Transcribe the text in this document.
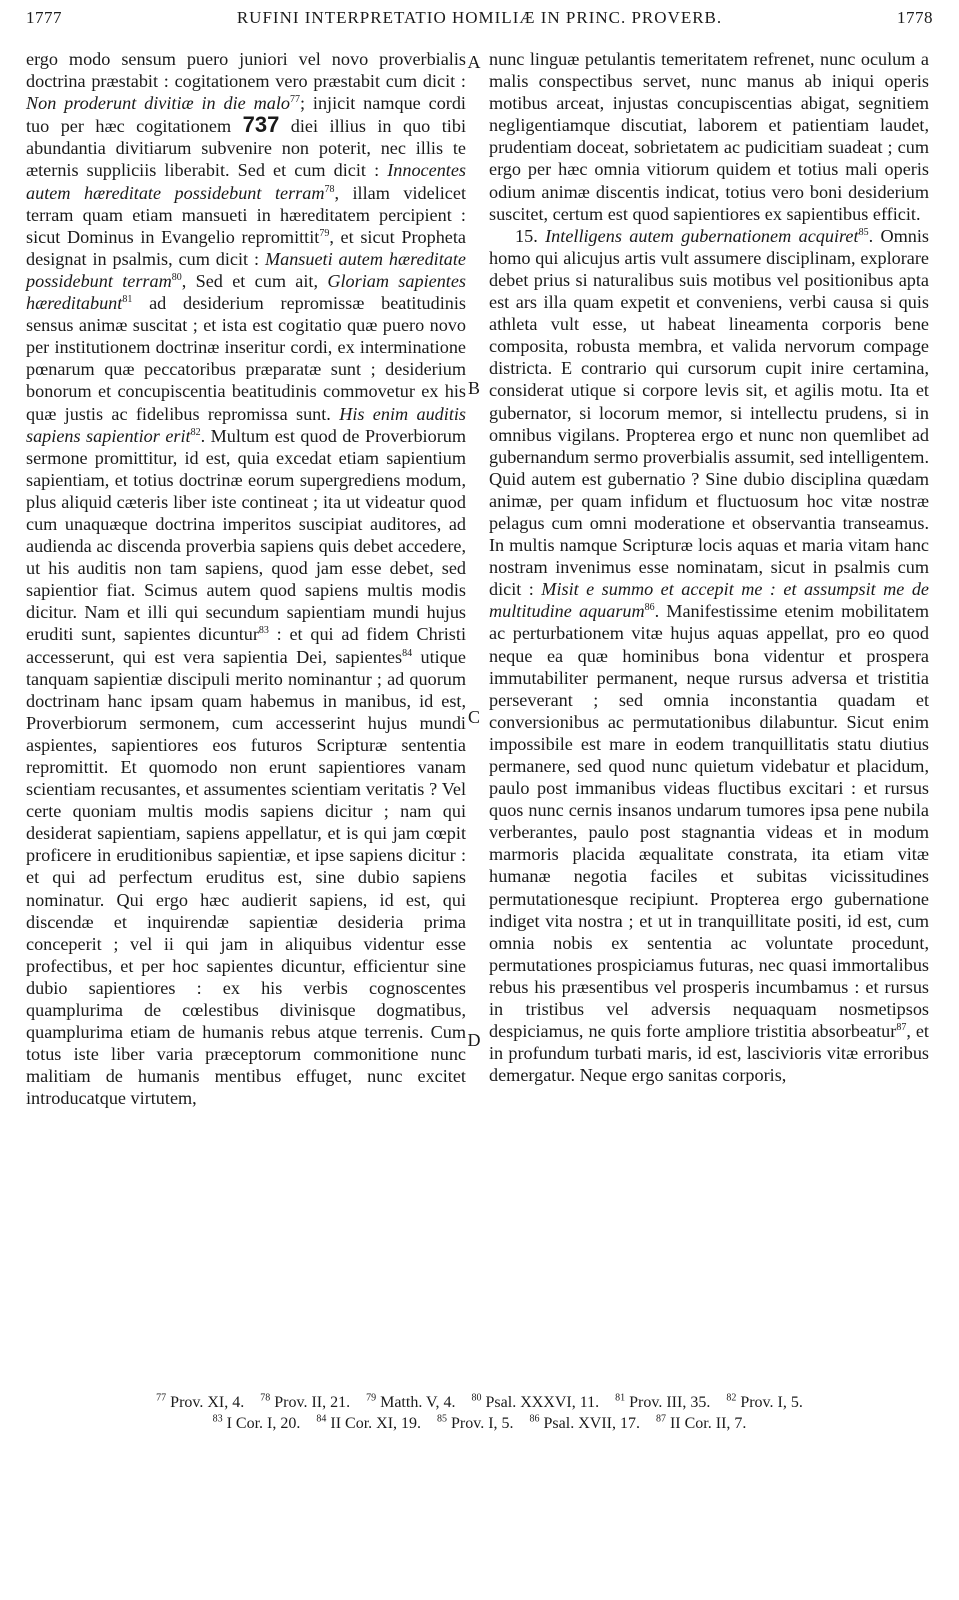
1777	RUFINI INTERPRETATIO HOMILIÆ IN PRINC. PROVERB.	1778

ergo modo sensum puero juniori vel novo proverbialis doctrina præstabit : cogitationem vero præstabit cum dicit : Non proderunt divitiæ in die malo$^{77}$; injicit namque cordi tuo per hæc cogitationem 737 diei illius in quo tibi abundantia divitiarum subvenire non poterit, nec illis te æternis suppliciis liberabit. Sed et cum dicit : Innocentes autem hæreditate possidebunt terram$^{78}$, illam videlicet terram quam etiam mansueti in hæreditatem percipient : sicut Dominus in Evangelio repromittit$^{79}$, et sicut Propheta designat in psalmis, cum dicit : Mansueti autem hæreditate possidebunt terram$^{80}$, Sed et cum ait, Gloriam sapientes hæreditabunt$^{81}$ ad desiderium repromissæ beatitudinis sensus animæ suscitat ; et ista est cogitatio quæ puero novo per institutionem doctrinæ inseritur cordi, ex interminatione pœnarum quæ peccatoribus præparatæ sunt ; desiderium bonorum et concupiscentia beatitudinis commovetur ex his quæ justis ac fidelibus repromissa sunt. His enim auditis sapiens sapientior erit$^{82}$. Multum est quod de Proverbiorum sermone promittitur, id est, quia excedat etiam sapientium sapientiam, et totius doctrinæ eorum supergrediens modum, plus aliquid cæteris liber iste contineat ; ita ut videatur quod cum unaquæque doctrina imperitos suscipiat auditores, ad audienda ac discenda proverbia sapiens quis debet accedere, ut his auditis non tam sapiens, quod jam esse debet, sed sapientior fiat. Scimus autem quod sapiens multis modis dicitur. Nam et illi qui secundum sapientiam mundi hujus eruditi sunt, sapientes dicuntur$^{83}$ : et qui ad fidem Christi accesserunt, qui est vera sapientia Dei, sapientes$^{84}$ utique tanquam sapientiæ discipuli merito nominantur ; ad quorum doctrinam hanc ipsam quam habemus in manibus, id est, Proverbiorum sermonem, cum accesserint hujus mundi aspientes, sapientiores eos futuros Scripturæ sententia repromittit. Et quomodo non erunt sapientiores vanam scientiam recusantes, et assumentes scientiam veritatis ? Vel certe quoniam multis modis sapiens dicitur ; nam qui desiderat sapientiam, sapiens appellatur, et is qui jam cœpit proficere in eruditionibus sapientiæ, et ipse sapiens dicitur : et qui ad perfectum eruditus est, sine dubio sapiens nominatur. Qui ergo hæc audierit sapiens, id est, qui discendæ et inquirendæ sapientiæ desideria prima conceperit ; vel ii qui jam in aliquibus videntur esse profectibus, et per hoc sapientes dicuntur, efficientur sine dubio sapientiores : ex his verbis cognoscentes quamplurima de cœlestibus divinisque dogmatibus, quamplurima etiam de humanis rebus atque terrenis. Cum totus iste liber varia præceptorum commonitione nunc malitiam de humanis mentibus effuget, nunc excitet introducatque virtutem,

A
B
C
D

nunc linguæ petulantis temeritatem refrenet, nunc oculum a malis conspectibus servet, nunc manus ab iniqui operis motibus arceat, injustas concupiscentias abigat, segnitiem negligentiamque discutiat, laborem et patientiam laudet, prudentiam doceat, sobrietatem ac pudicitiam suadeat ; cum ergo per hæc omnia vitiorum quidem et totius mali operis odium animæ discentis indicat, totius vero boni desiderium suscitet, certum est quod sapientiores ex sapientibus efficit.

15. Intelligens autem gubernationem acquiret$^{85}$. Omnis homo qui alicujus artis vult assumere disciplinam, explorare debet prius si naturalibus suis motibus vel positionibus apta est ars illa quam expetit et conveniens, verbi causa si quis athleta vult esse, ut habeat lineamenta corporis bene composita, robusta membra, et valida nervorum compage districta. E contrario qui cursorum cupit inire certamina, considerat utique si corpore levis sit, et agilis motu. Ita et gubernator, si locorum memor, si intellectu prudens, si in omnibus vigilans. Propterea ergo et nunc non quemlibet ad gubernandum sermo proverbialis assumit, sed intelligentem. Quid autem est gubernatio ? Sine dubio disciplina quædam animæ, per quam infidum et fluctuosum hoc vitæ nostræ pelagus cum omni moderatione et observantia transeamus. In multis namque Scripturæ locis aquas et maria vitam hanc nostram invenimus esse nominatam, sicut in psalmis cum dicit : Misit e summo et accepit me : et assumpsit me de multitudine aquarum$^{86}$. Manifestissime etenim mobilitatem ac perturbationem vitæ hujus aquas appellat, pro eo quod neque ea quæ hominibus bona videntur et prospera immutabiliter permanent, neque rursus adversa et tristitia perseverant ; sed omnia inconstantia quadam et conversionibus ac permutationibus dilabuntur. Sicut enim impossibile est mare in eodem tranquillitatis statu diutius permanere, sed quod nunc quietum videbatur et placidum, paulo post immanibus videas fluctibus excitari : et rursus quos nunc cernis insanos undarum tumores ipsa pene nubila verberantes, paulo post stagnantia videas et in modum marmoris placida æqualitate constrata, ita etiam vitæ humanæ negotia faciles et subitas vicissitudines permutationesque recipiunt. Propterea ergo gubernatione indiget vita nostra ; et ut in tranquillitate positi, id est, cum omnia nobis ex sententia ac voluntate procedunt, permutationes prospiciamus futuras, nec quasi immortalibus rebus his præsentibus vel prosperis incumbamus : et rursus in tristibus vel adversis nequaquam nosmetipsos despiciamus, ne quis forte ampliore tristitia absorbeatur$^{87}$, et in profundum turbati maris, id est, lascivioris vitæ erroribus demergatur. Neque ergo sanitas corporis,

$^{77}$ Prov. XI, 4. $^{78}$ Prov. II, 21. $^{79}$ Matth. V, 4. $^{80}$ Psal. XXXVI, 11. $^{81}$ Prov. III, 35. $^{82}$ Prov. I, 5.
$^{83}$ I Cor. I, 20. $^{84}$ II Cor. XI, 19. $^{85}$ Prov. I, 5. $^{86}$ Psal. XVII, 17. $^{87}$ II Cor. II, 7.
